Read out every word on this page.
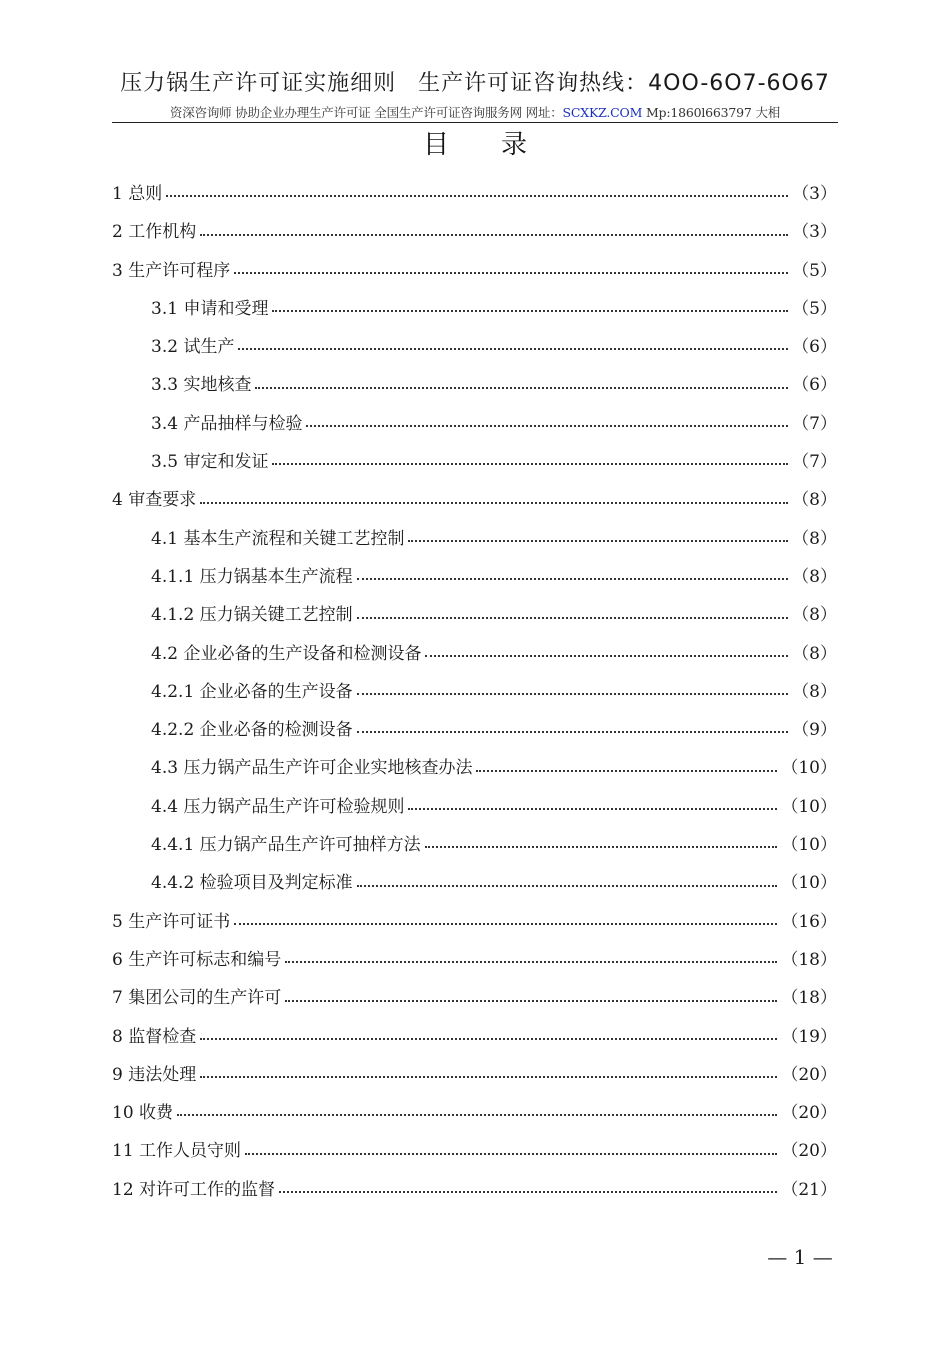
压力锅生产许可证实施细则 生产许可证咨询热线：4OO-6O7-6O67
资深咨询师 协助企业办理生产许可证 全国生产许可证咨询服务网 网址：SCXKZ.COM Mp:1860l663797 大相
目 录
1 总则	（3）
2 工作机构	（3）
3 生产许可程序	（5）
3.1 申请和受理	（5）
3.2 试生产	（6）
3.3 实地核查	（6）
3.4 产品抽样与检验	（7）
3.5 审定和发证	（7）
4 审查要求	（8）
4.1 基本生产流程和关键工艺控制	（8）
4.1.1 压力锅基本生产流程	（8）
4.1.2 压力锅关键工艺控制	（8）
4.2 企业必备的生产设备和检测设备	（8）
4.2.1 企业必备的生产设备	（8）
4.2.2 企业必备的检测设备	（9）
4.3 压力锅产品生产许可企业实地核查办法	（10）
4.4 压力锅产品生产许可检验规则	（10）
4.4.1 压力锅产品生产许可抽样方法	（10）
4.4.2 检验项目及判定标准	（10）
5 生产许可证书	（16）
6 生产许可标志和编号	（18）
7 集团公司的生产许可	（18）
8 监督检查	（19）
9 违法处理	（20）
10 收费	（20）
11 工作人员守则	（20）
12 对许可工作的监督	（21）
— 1 —
